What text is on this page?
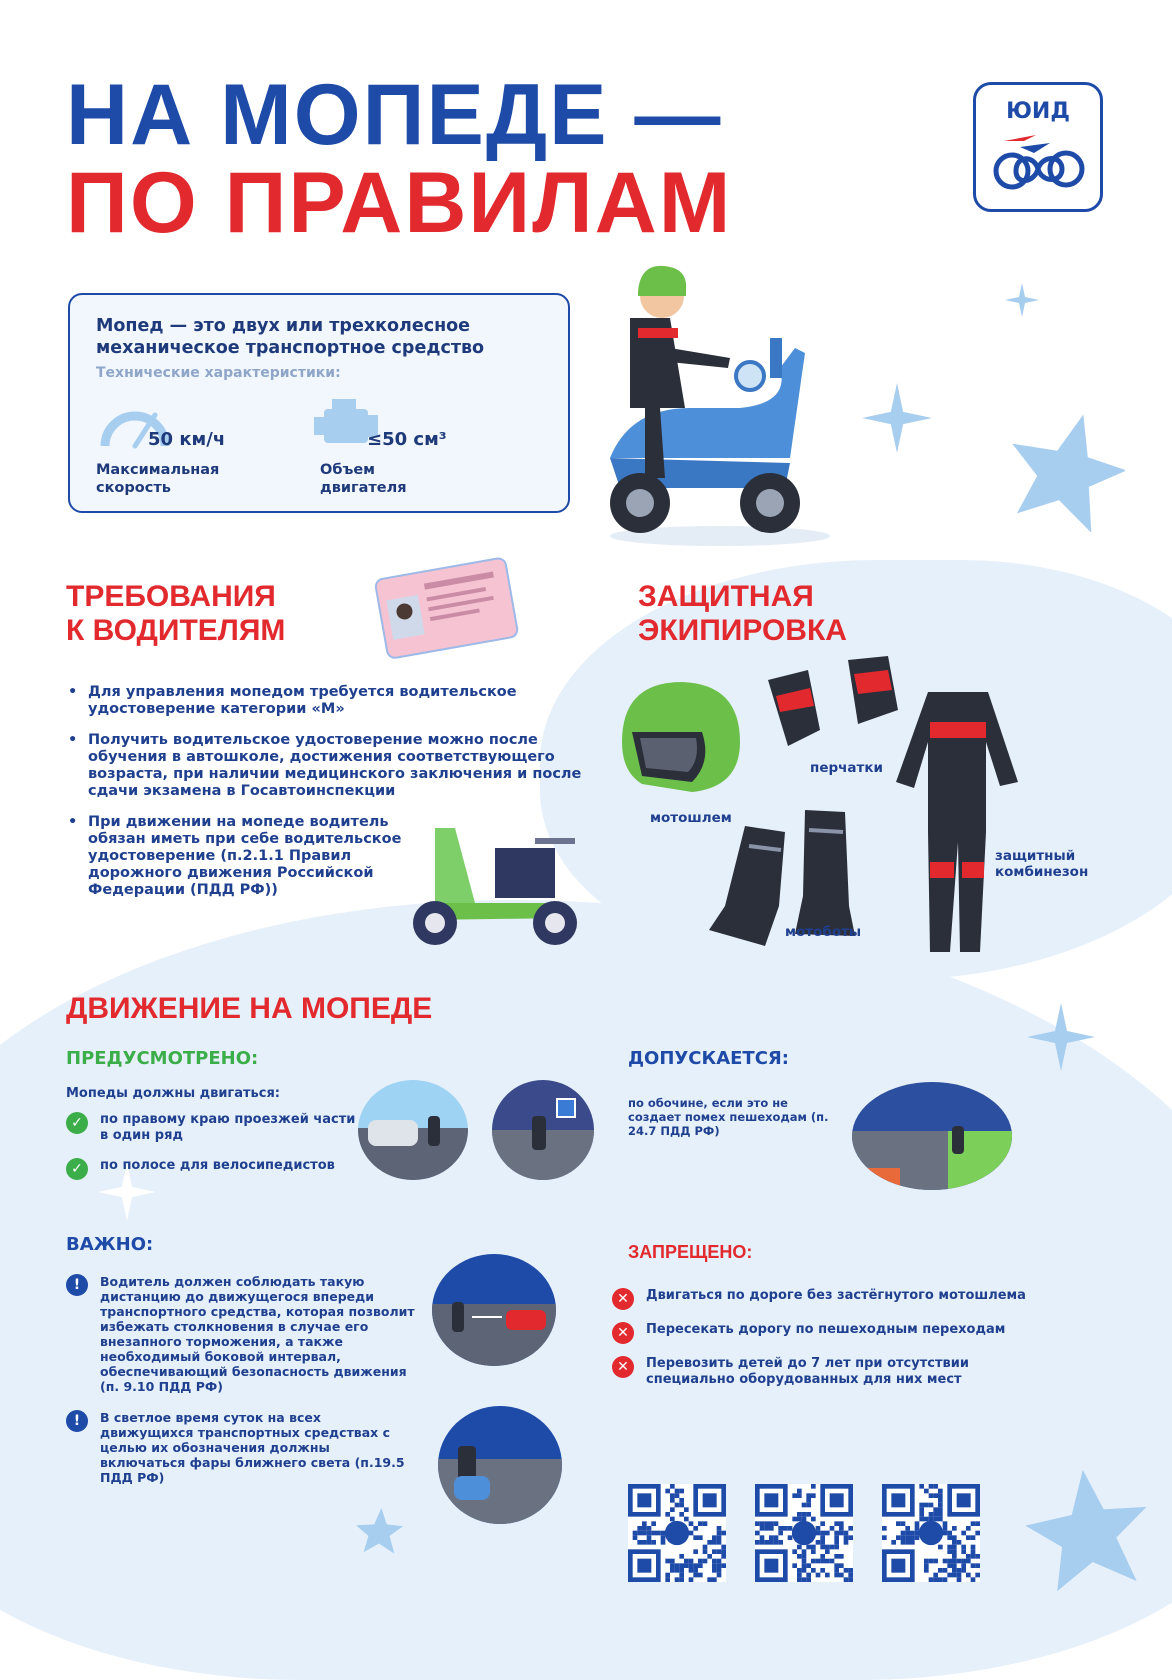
НА МОПЕДЕ —
ПО ПРАВИЛАМ
ЮИД
Мопед — это двух или трехколесное
механическое транспортное средство
Технические характеристики:
50 км/ч
Максимальная
скорость
≤50 см³
Объем
двигателя
ТРЕБОВАНИЯ
К ВОДИТЕЛЯМ
• Для управления мопедом требуется водительское удостоверение категории «М»
• Получить водительское удостоверение можно после обучения в автошколе, достижения соответствующего возраста, при наличии медицинского заключения и после сдачи экзамена в Госавтоинспекции
• При движении на мопеде водитель обязан иметь при себе водительское удостоверение (п.2.1.1 Правил дорожного движения Российской Федерации (ПДД РФ))
ЗАЩИТНАЯ
ЭКИПИРОВКА
мотошлем
перчатки
защитный
комбинезон
мотоботы
ДВИЖЕНИЕ НА МОПЕДЕ
ПРЕДУСМОТРЕНО:
Мопеды должны двигаться:
✓	по правому краю проезжей части в один ряд
✓	по полосе для велосипедистов
ДОПУСКАЕТСЯ:
по обочине, если это не создает помех пешеходам (п. 24.7 ПДД РФ)
ВАЖНО:
!	Водитель должен соблюдать такую дистанцию до движущегося впереди транспортного средства, которая позволит избежать столкновения в случае его внезапного торможения, а также необходимый боковой интервал, обеспечивающий безопасность движения (п. 9.10 ПДД РФ)
!	В светлое время суток на всех движущихся транспортных средствах с целью их обозначения должны включаться фары ближнего света (п.19.5 ПДД РФ)
ЗАПРЕЩЕНО:
✕	Двигаться по дороге без застёгнутого мотошлема
✕	Пересекать дорогу по пешеходным переходам
✕	Перевозить детей до 7 лет при отсутствии специально оборудованных для них мест
